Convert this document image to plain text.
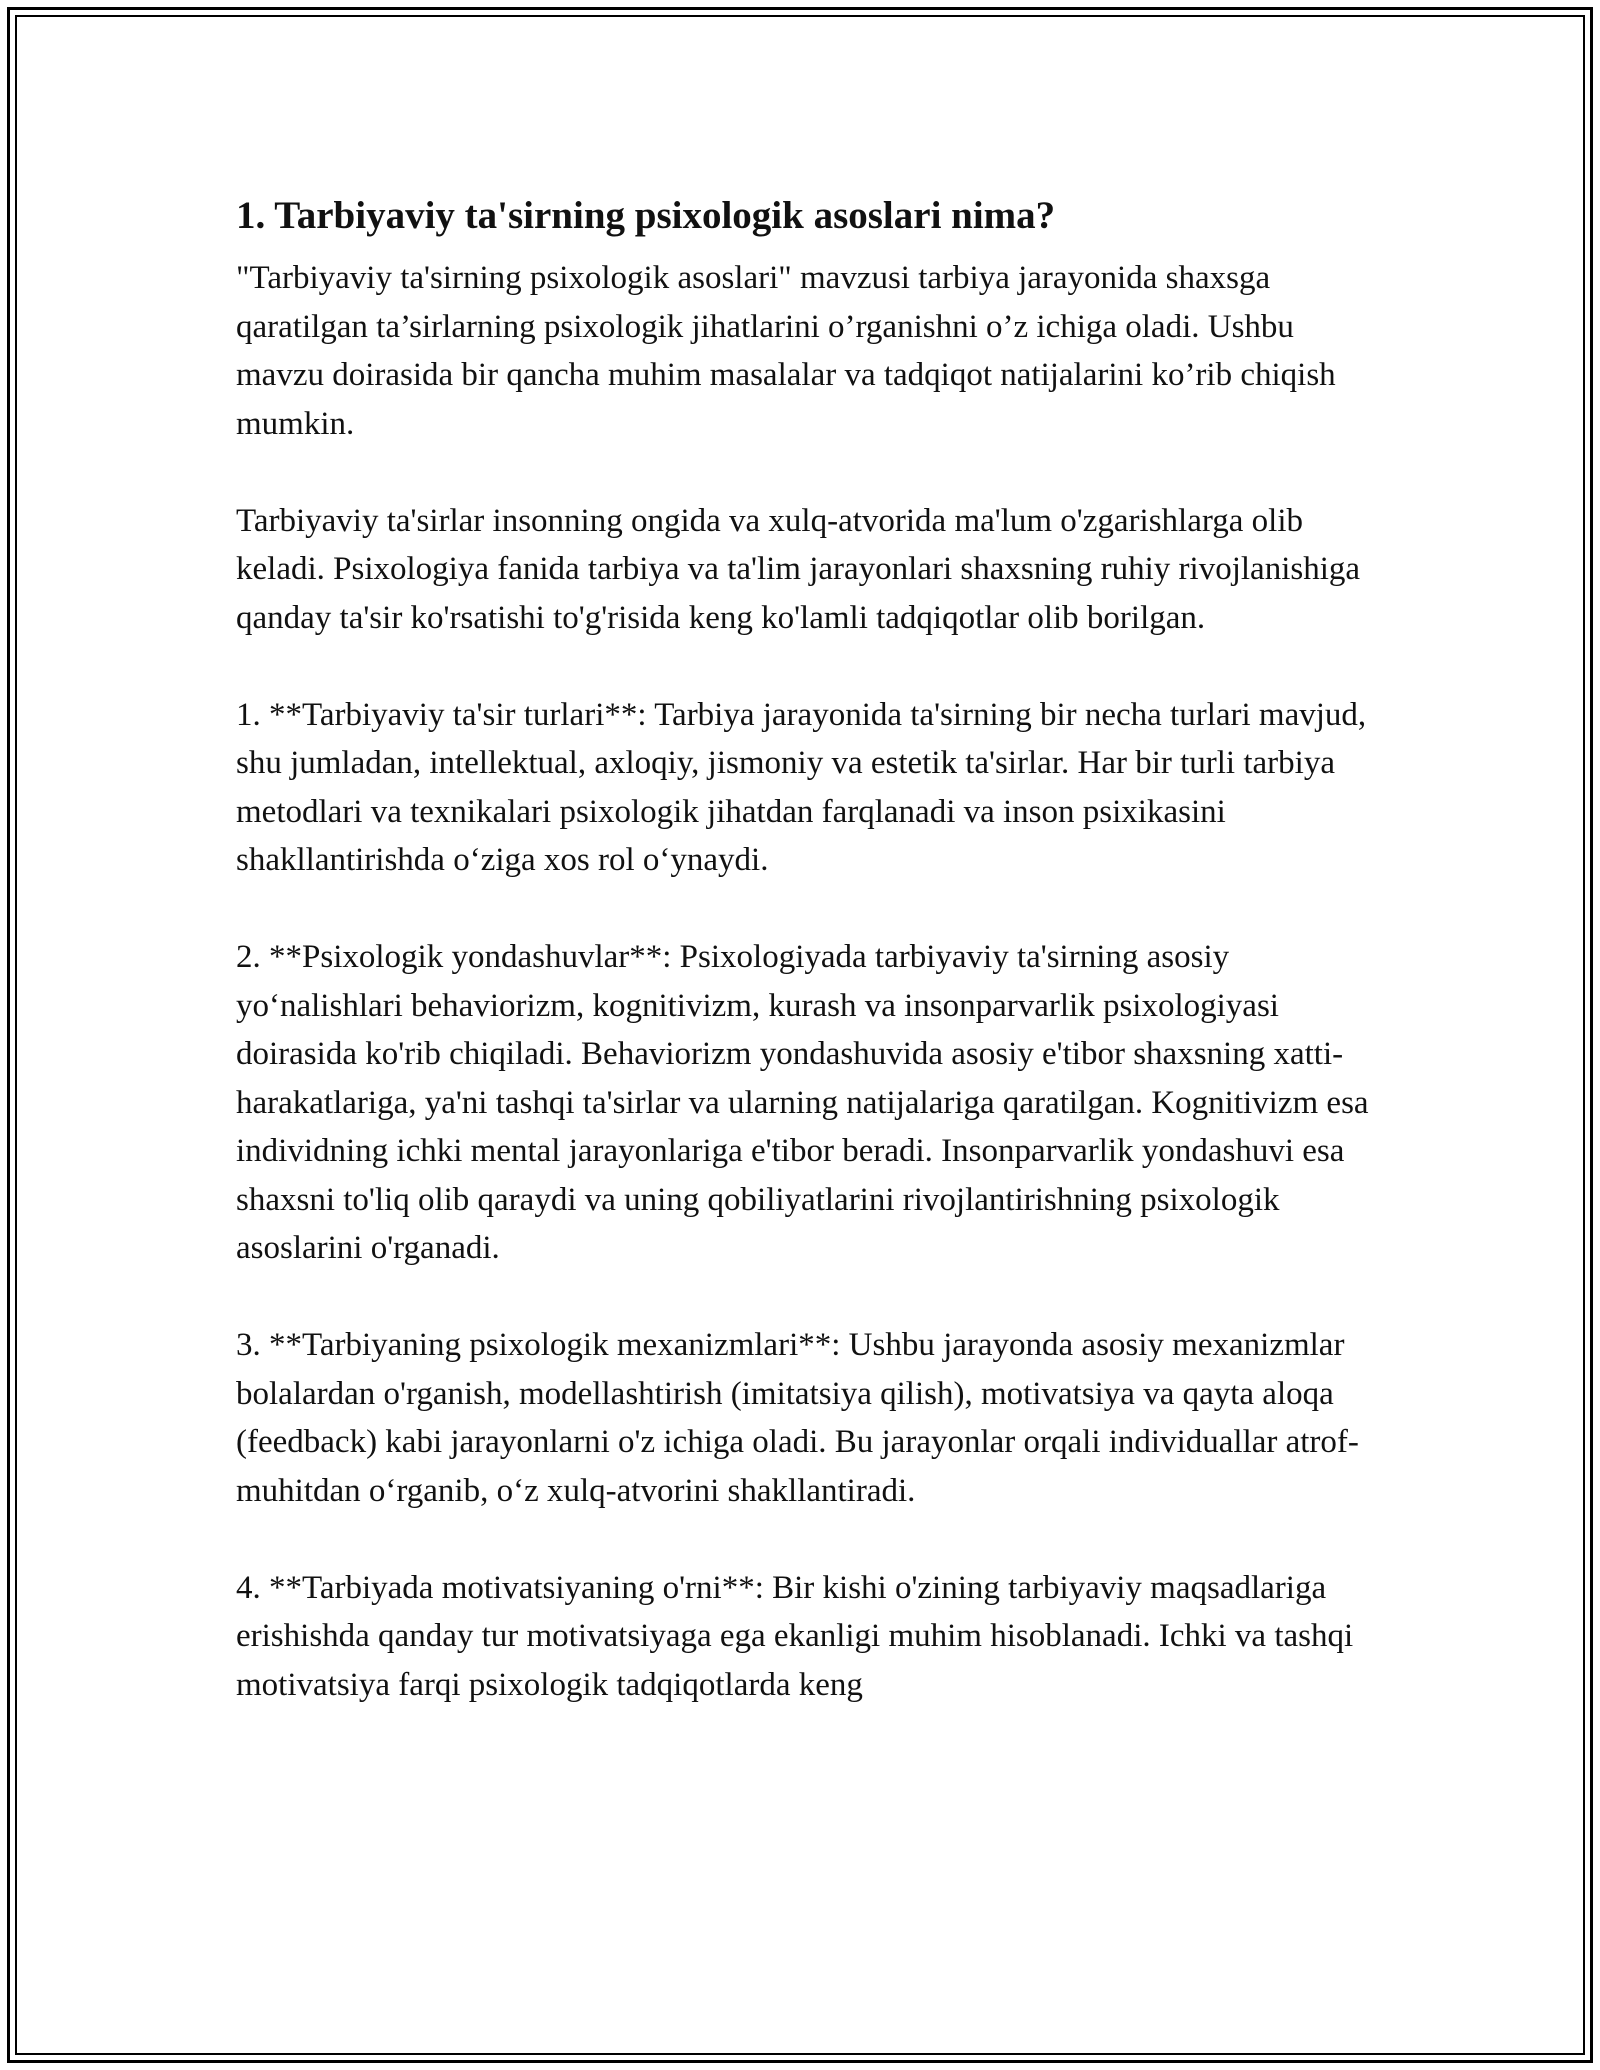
1. Tarbiyaviy ta'sirning psixologik asoslari nima?

"Tarbiyaviy ta'sirning psixologik asoslari" mavzusi tarbiya jarayonida shaxsga qaratilgan ta’sirlarning psixologik jihatlarini o’rganishni o’z ichiga oladi. Ushbu mavzu doirasida bir qancha muhim masalalar va tadqiqot natijalarini ko’rib chiqish mumkin.

Tarbiyaviy ta'sirlar insonning ongida va xulq-atvorida ma'lum o'zgarishlarga olib keladi. Psixologiya fanida tarbiya va ta'lim jarayonlari shaxsning ruhiy rivojlanishiga qanday ta'sir ko'rsatishi to'g'risida keng ko'lamli tadqiqotlar olib borilgan.

1. **Tarbiyaviy ta'sir turlari**: Tarbiya jarayonida ta'sirning bir necha turlari mavjud, shu jumladan, intellektual, axloqiy, jismoniy va estetik ta'sirlar. Har bir turli tarbiya metodlari va texnikalari psixologik jihatdan farqlanadi va inson psixikasini shakllantirishda o‘ziga xos rol o‘ynaydi.

2. **Psixologik yondashuvlar**: Psixologiyada tarbiyaviy ta'sirning asosiy yo‘nalishlari behaviorizm, kognitivizm, kurash va insonparvarlik psixologiyasi doirasida ko'rib chiqiladi. Behaviorizm yondashuvida asosiy e'tibor shaxsning xatti-harakatlariga, ya'ni tashqi ta'sirlar va ularning natijalariga qaratilgan. Kognitivizm esa individning ichki mental jarayonlariga e'tibor beradi. Insonparvarlik yondashuvi esa shaxsni to'liq olib qaraydi va uning qobiliyatlarini rivojlantirishning psixologik asoslarini o'rganadi.

3. **Tarbiyaning psixologik mexanizmlari**: Ushbu jarayonda asosiy mexanizmlar bolalardan o'rganish, modellashtirish (imitatsiya qilish), motivatsiya va qayta aloqa (feedback) kabi jarayonlarni o'z ichiga oladi. Bu jarayonlar orqali individuallar atrof-muhitdan o‘rganib, o‘z xulq-atvorini shakllantiradi.

4. **Tarbiyada motivatsiyaning o'rni**: Bir kishi o'zining tarbiyaviy maqsadlariga erishishda qanday tur motivatsiyaga ega ekanligi muhim hisoblanadi. Ichki va tashqi motivatsiya farqi psixologik tadqiqotlarda keng
